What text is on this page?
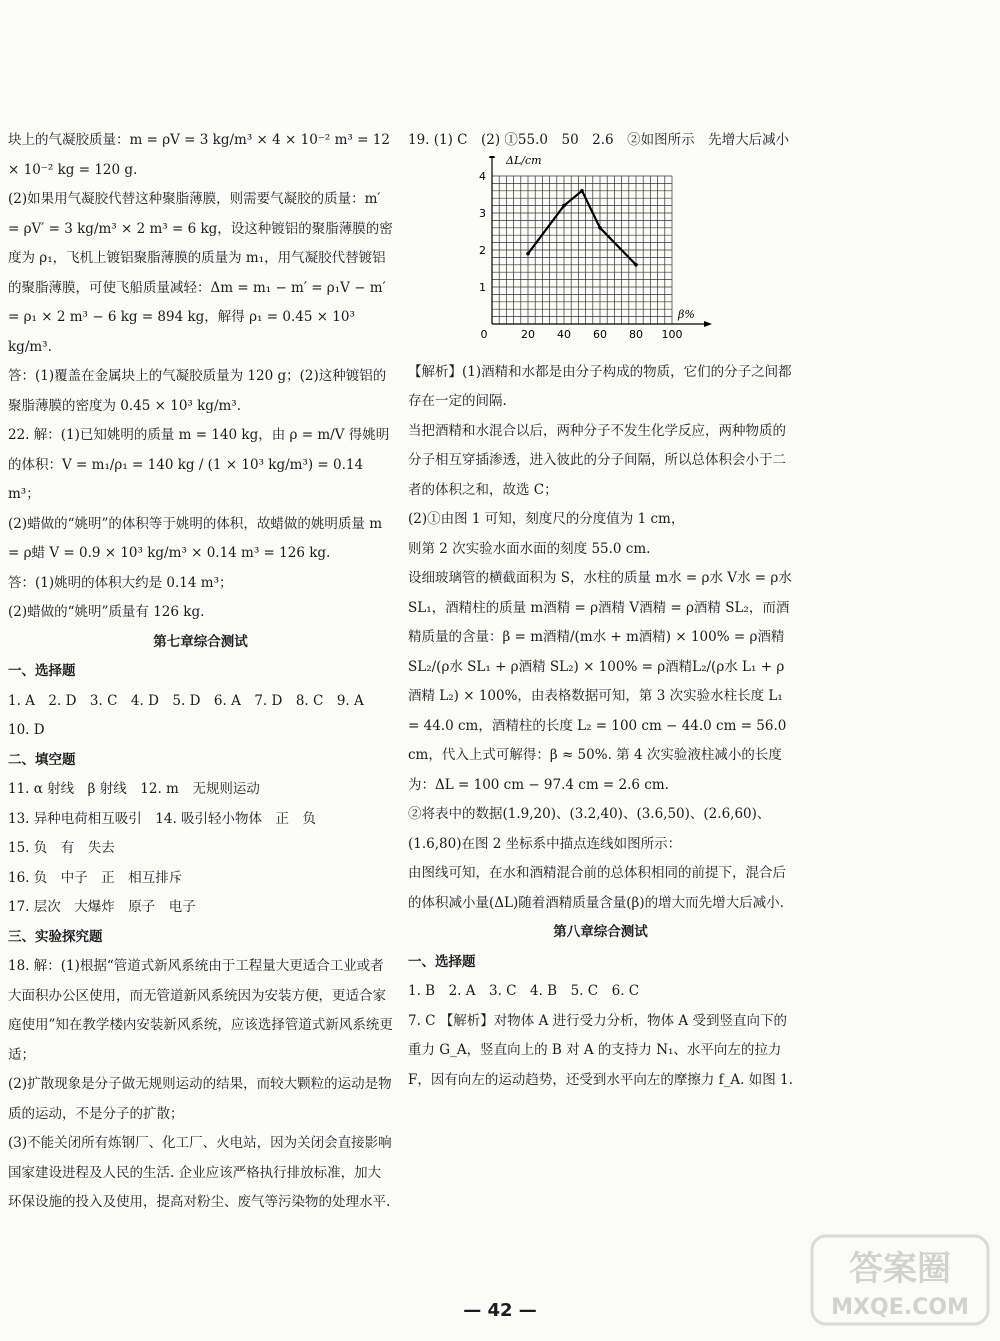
块上的气凝胶质量：m = ρV = 3 kg/m³ × 4 × 10⁻² m³ = 12 × 10⁻² kg = 120 g.

(2)如果用气凝胶代替这种聚脂薄膜，则需要气凝胶的质量：m′ = ρV′ = 3 kg/m³ × 2 m³ = 6 kg，设这种镀铝的聚脂薄膜的密度为 ρ₁，飞机上镀铝聚脂薄膜的质量为 m₁，用气凝胶代替镀铝的聚脂薄膜，可使飞船质量减轻：Δm = m₁ − m′ = ρ₁V − m′ = ρ₁ × 2 m³ − 6 kg = 894 kg，解得 ρ₁ = 0.45 × 10³ kg/m³.

答：(1)覆盖在金属块上的气凝胶质量为 120 g；(2)这种镀铝的聚脂薄膜的密度为 0.45 × 10³ kg/m³.

22. 解：(1)已知姚明的质量 m = 140 kg，由 ρ = m/V 得姚明的体积：V = m₁/ρ₁ = 140 kg / (1 × 10³ kg/m³) = 0.14 m³；

(2)蜡做的“姚明”的体积等于姚明的体积，故蜡做的姚明质量 m = ρ蜡 V = 0.9 × 10³ kg/m³ × 0.14 m³ = 126 kg.

答：(1)姚明的体积大约是 0.14 m³；

(2)蜡做的“姚明”质量有 126 kg.

第七章综合测试

一、选择题

1. A　2. D　3. C　4. D　5. D　6. A　7. D　8. C　9. A　10. D

二、填空题

11. α 射线　β 射线　12. m　无规则运动

13. 异种电荷相互吸引　14. 吸引轻小物体　正　负

15. 负　有　失去

16. 负　中子　正　相互排斥

17. 层次　大爆炸　原子　电子

三、实验探究题

18. 解：(1)根据“管道式新风系统由于工程量大更适合工业或者大面积办公区使用，而无管道新风系统因为安装方便，更适合家庭使用”知在教学楼内安装新风系统，应该选择管道式新风系统更适；

(2)扩散现象是分子做无规则运动的结果，而较大颗粒的运动是物质的运动，不是分子的扩散；

(3)不能关闭所有炼钢厂、化工厂、火电站，因为关闭会直接影响国家建设进程及人民的生活. 企业应该严格执行排放标准，加大环保设施的投入及使用，提高对粉尘、废气等污染物的处理水平.

19. (1) C　(2) ①55.0　50　2.6　②如图所示　先增大后减小

0	20 40 60 80 100
1
2
3
4
ΔL/cm
β%

【解析】(1)酒精和水都是由分子构成的物质，它们的分子之间都存在一定的间隔.

当把酒精和水混合以后，两种分子不发生化学反应，两种物质的分子相互穿插渗透，进入彼此的分子间隔，所以总体积会小于二者的体积之和，故选 C；

(2)①由图 1 可知，刻度尺的分度值为 1 cm，

则第 2 次实验水面水面的刻度 55.0 cm.

设细玻璃管的横截面积为 S，水柱的质量 m水 = ρ水 V水 = ρ水 SL₁，酒精柱的质量 m酒精 = ρ酒精 V酒精 = ρ酒精 SL₂，而酒精质量的含量：β = m酒精/(m水 + m酒精) × 100% = ρ酒精SL₂/(ρ水 SL₁ + ρ酒精 SL₂) × 100% = ρ酒精L₂/(ρ水 L₁ + ρ酒精 L₂) × 100%，由表格数据可知，第 3 次实验水柱长度 L₁ = 44.0 cm，酒精柱的长度 L₂ = 100 cm − 44.0 cm = 56.0 cm，代入上式可解得：β ≈ 50%. 第 4 次实验液柱减小的长度为：ΔL = 100 cm − 97.4 cm = 2.6 cm.

②将表中的数据(1.9,20)、(3.2,40)、(3.6,50)、(2.6,60)、(1.6,80)在图 2 坐标系中描点连线如图所示：

由图线可知，在水和酒精混合前的总体积相同的前提下，混合后的体积减小量(ΔL)随着酒精质量含量(β)的增大而先增大后减小.

第八章综合测试

一、选择题

1. B　2. A　3. C　4. B　5. C　6. C

7. C 【解析】对物体 A 进行受力分析，物体 A 受到竖直向下的重力 G_A，竖直向上的 B 对 A 的支持力 N₁、水平向左的拉力 F，因有向左的运动趋势，还受到水平向左的摩擦力 f_A. 如图 1.

— 42 —
答案圈
MXQE.COM
